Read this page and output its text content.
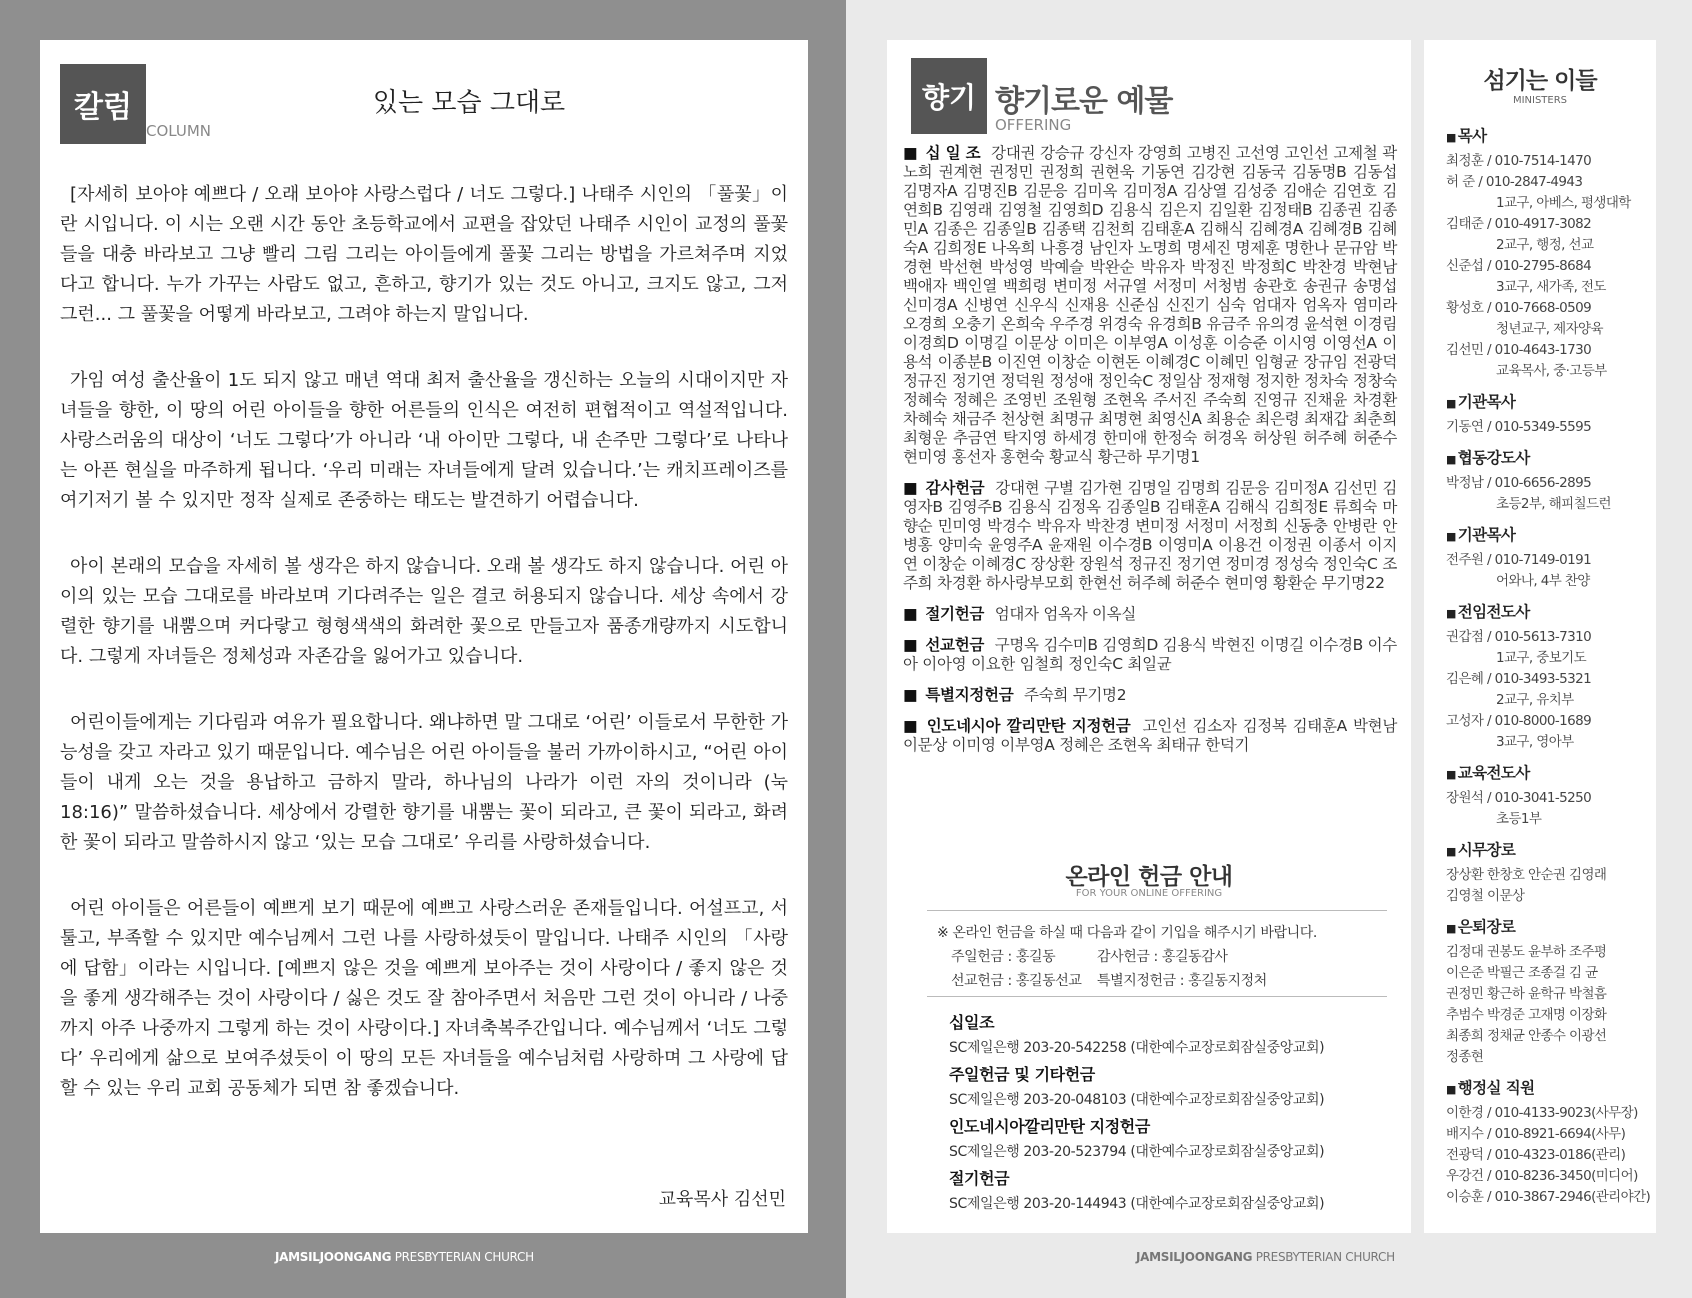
칼럼
COLUMN
있는 모습 그대로

[자세히 보아야 예쁘다 / 오래 보아야 사랑스럽다 / 너도 그렇다.] 나태주 시인의 「풀꽃」이란 시입니다. 이 시는 오랜 시간 동안 초등학교에서 교편을 잡았던 나태주 시인이 교정의 풀꽃들을 대충 바라보고 그냥 빨리 그림 그리는 아이들에게 풀꽃 그리는 방법을 가르쳐주며 지었다고 합니다. 누가 가꾸는 사람도 없고, 흔하고, 향기가 있는 것도 아니고, 크지도 않고, 그저 그런... 그 풀꽃을 어떻게 바라보고, 그려야 하는지 말입니다.

가임 여성 출산율이 1도 되지 않고 매년 역대 최저 출산율을 갱신하는 오늘의 시대이지만 자녀들을 향한, 이 땅의 어린 아이들을 향한 어른들의 인식은 여전히 편협적이고 역설적입니다. 사랑스러움의 대상이 ‘너도 그렇다’가 아니라 ‘내 아이만 그렇다, 내 손주만 그렇다’로 나타나는 아픈 현실을 마주하게 됩니다. ‘우리 미래는 자녀들에게 달려 있습니다.’는 캐치프레이즈를 여기저기 볼 수 있지만 정작 실제로 존중하는 태도는 발견하기 어렵습니다.

아이 본래의 모습을 자세히 볼 생각은 하지 않습니다. 오래 볼 생각도 하지 않습니다. 어린 아이의 있는 모습 그대로를 바라보며 기다려주는 일은 결코 허용되지 않습니다. 세상 속에서 강렬한 향기를 내뿜으며 커다랗고 형형색색의 화려한 꽃으로 만들고자 품종개량까지 시도합니다. 그렇게 자녀들은 정체성과 자존감을 잃어가고 있습니다.

어린이들에게는 기다림과 여유가 필요합니다. 왜냐하면 말 그대로 ‘어린’ 이들로서 무한한 가능성을 갖고 자라고 있기 때문입니다. 예수님은 어린 아이들을 불러 가까이하시고, “어린 아이들이 내게 오는 것을 용납하고 금하지 말라, 하나님의 나라가 이런 자의 것이니라 (눅 18:16)” 말씀하셨습니다. 세상에서 강렬한 향기를 내뿜는 꽃이 되라고, 큰 꽃이 되라고, 화려한 꽃이 되라고 말씀하시지 않고 ‘있는 모습 그대로’ 우리를 사랑하셨습니다.

어린 아이들은 어른들이 예쁘게 보기 때문에 예쁘고 사랑스러운 존재들입니다. 어설프고, 서툴고, 부족할 수 있지만 예수님께서 그런 나를 사랑하셨듯이 말입니다. 나태주 시인의 「사랑에 답함」이라는 시입니다. [예쁘지 않은 것을 예쁘게 보아주는 것이 사랑이다 / 좋지 않은 것을 좋게 생각해주는 것이 사랑이다 / 싫은 것도 잘 참아주면서 처음만 그런 것이 아니라 / 나중까지 아주 나중까지 그렇게 하는 것이 사랑이다.] 자녀축복주간입니다. 예수님께서 ‘너도 그렇다’ 우리에게 삶으로 보여주셨듯이 이 땅의 모든 자녀들을 예수님처럼 사랑하며 그 사랑에 답할 수 있는 우리 교회 공동체가 되면 참 좋겠습니다.

교육목사 김선민
JAMSILJOONGANG PRESBYTERIAN CHURCH
향기 향기로운 예물
OFFERING
■ 십 일 조 강대권 강승규 강신자 강영희 고병진 고선영 고인선 고제철 곽노희 권계현 권정민 권정희 권현욱 기동연 김강현 김동국 김동명B 김동섭 김명자A 김명진B 김문응 김미옥 김미정A 김상열 김성중 김애순 김연호 김연희B 김영래 김영철 김영희D 김용식 김은지 김일환 김정태B 김종권 김종민A 김종은 김종일B 김종택 김천희 김태훈A 김해식 김혜경A 김혜경B 김혜숙A 김희정E 나옥희 나흥경 남인자 노명희 명세진 명제훈 명한나 문규암 박경현 박선현 박성영 박예슬 박완순 박유자 박정진 박정희C 박찬경 박현남 백애자 백인열 백희령 변미정 서규열 서정미 서청범 송관호 송권규 송명섭 신미경A 신병연 신우식 신재용 신준심 신진기 심숙 엄대자 엄옥자 염미라 오경희 오충기 온희숙 우주경 위경숙 유경희B 유금주 유의경 윤석현 이경림 이경희D 이명길 이문상 이미은 이부영A 이성훈 이승준 이시영 이영선A 이용석 이종분B 이진연 이창순 이현돈 이혜경C 이혜민 임형균 장규임 전광덕 정규진 정기연 정덕원 정성애 정인숙C 정일삼 정재형 정지한 정차숙 정창숙 정혜숙 정혜은 조영빈 조원형 조현옥 주서진 주숙희 진영규 진채윤 차경환 차혜숙 채금주 천상현 최명규 최명현 최영신A 최용순 최은령 최재갑 최춘희 최형운 추금연 탁지영 하세경 한미애 한정숙 허경옥 허상원 허주혜 허준수 현미영 홍선자 홍현숙 황교식 황근하 무기명1
■ 감사헌금 강대현 구별 김가현 김명일 김명희 김문응 김미정A 김선민 김영자B 김영주B 김용식 김정옥 김종일B 김태훈A 김해식 김희정E 류희숙 마향순 민미영 박경수 박유자 박찬경 변미정 서정미 서정희 신동충 안병란 안병홍 양미숙 윤영주A 윤재원 이수경B 이영미A 이용건 이정권 이종서 이지연 이창순 이혜경C 장상환 장원석 정규진 정기연 정미경 정성숙 정인숙C 조주희 차경환 하사랑부모회 한현선 허주혜 허준수 현미영 황환순 무기명22
■ 절기헌금 엄대자 엄옥자 이옥실
■ 선교헌금 구명옥 김수미B 김영희D 김용식 박현진 이명길 이수경B 이수아 이아영 이요한 임철희 정인숙C 최일균
■ 특별지정헌금 주숙희 무기명2
■ 인도네시아 깔리만탄 지정헌금 고인선 김소자 김정복 김태훈A 박현남 이문상 이미영 이부영A 정혜은 조현옥 최태규 한덕기
온라인 헌금 안내
FOR YOUR ONLINE OFFERING
※ 온라인 헌금을 하실 때 다음과 같이 기입을 해주시기 바랍니다.
주일헌금 : 홍길동	감사헌금 : 홍길동감사
선교헌금 : 홍길동선교 특별지정헌금 : 홍길동지정처
십일조
SC제일은행 203-20-542258 (대한예수교장로회잠실중앙교회)
주일헌금 및 기타헌금
SC제일은행 203-20-048103 (대한예수교장로회잠실중앙교회)
인도네시아깔리만탄 지정헌금
SC제일은행 203-20-523794 (대한예수교장로회잠실중앙교회)
절기헌금
SC제일은행 203-20-144943 (대한예수교장로회잠실중앙교회)
섬기는 이들
MINISTERS
■ 목사
최정훈 / 010-7514-1470
허 준 / 010-2847-4943
1교구, 아베스, 평생대학
김태준 / 010-4917-3082
2교구, 행정, 선교
신준섭 / 010-2795-8684
3교구, 새가족, 전도
황성호 / 010-7668-0509
청년교구, 제자양육
김선민 / 010-4643-1730
교육목사, 중·고등부
■ 기관목사
기동연 / 010-5349-5595
■ 협동강도사
박정남 / 010-6656-2895
초등2부, 해피칠드런
■ 기관목사
전주원 / 010-7149-0191
어와나, 4부 찬양
■ 전임전도사
권갑점 / 010-5613-7310
1교구, 중보기도
김은혜 / 010-3493-5321
2교구, 유치부
고성자 / 010-8000-1689
3교구, 영아부
■ 교육전도사
장원석 / 010-3041-5250
초등1부
■ 시무장로
장상환 한창호 안순권 김영래
김영철 이문상
■ 은퇴장로
김정대 권봉도 윤부하 조주평
이은준 박필근 조종걸 김 균
권정민 황근하 윤학규 박철흠
추범수 박경준 고재명 이장화
최종희 정채균 안종수 이광선
정종현
■ 행정실 직원
이한경 / 010-4133-9023(사무장)
배지수 / 010-8921-6694(사무)
전광덕 / 010-4323-0186(관리)
우강건 / 010-8236-3450(미디어)
이승훈 / 010-3867-2946(관리야간)
JAMSILJOONGANG PRESBYTERIAN CHURCH
